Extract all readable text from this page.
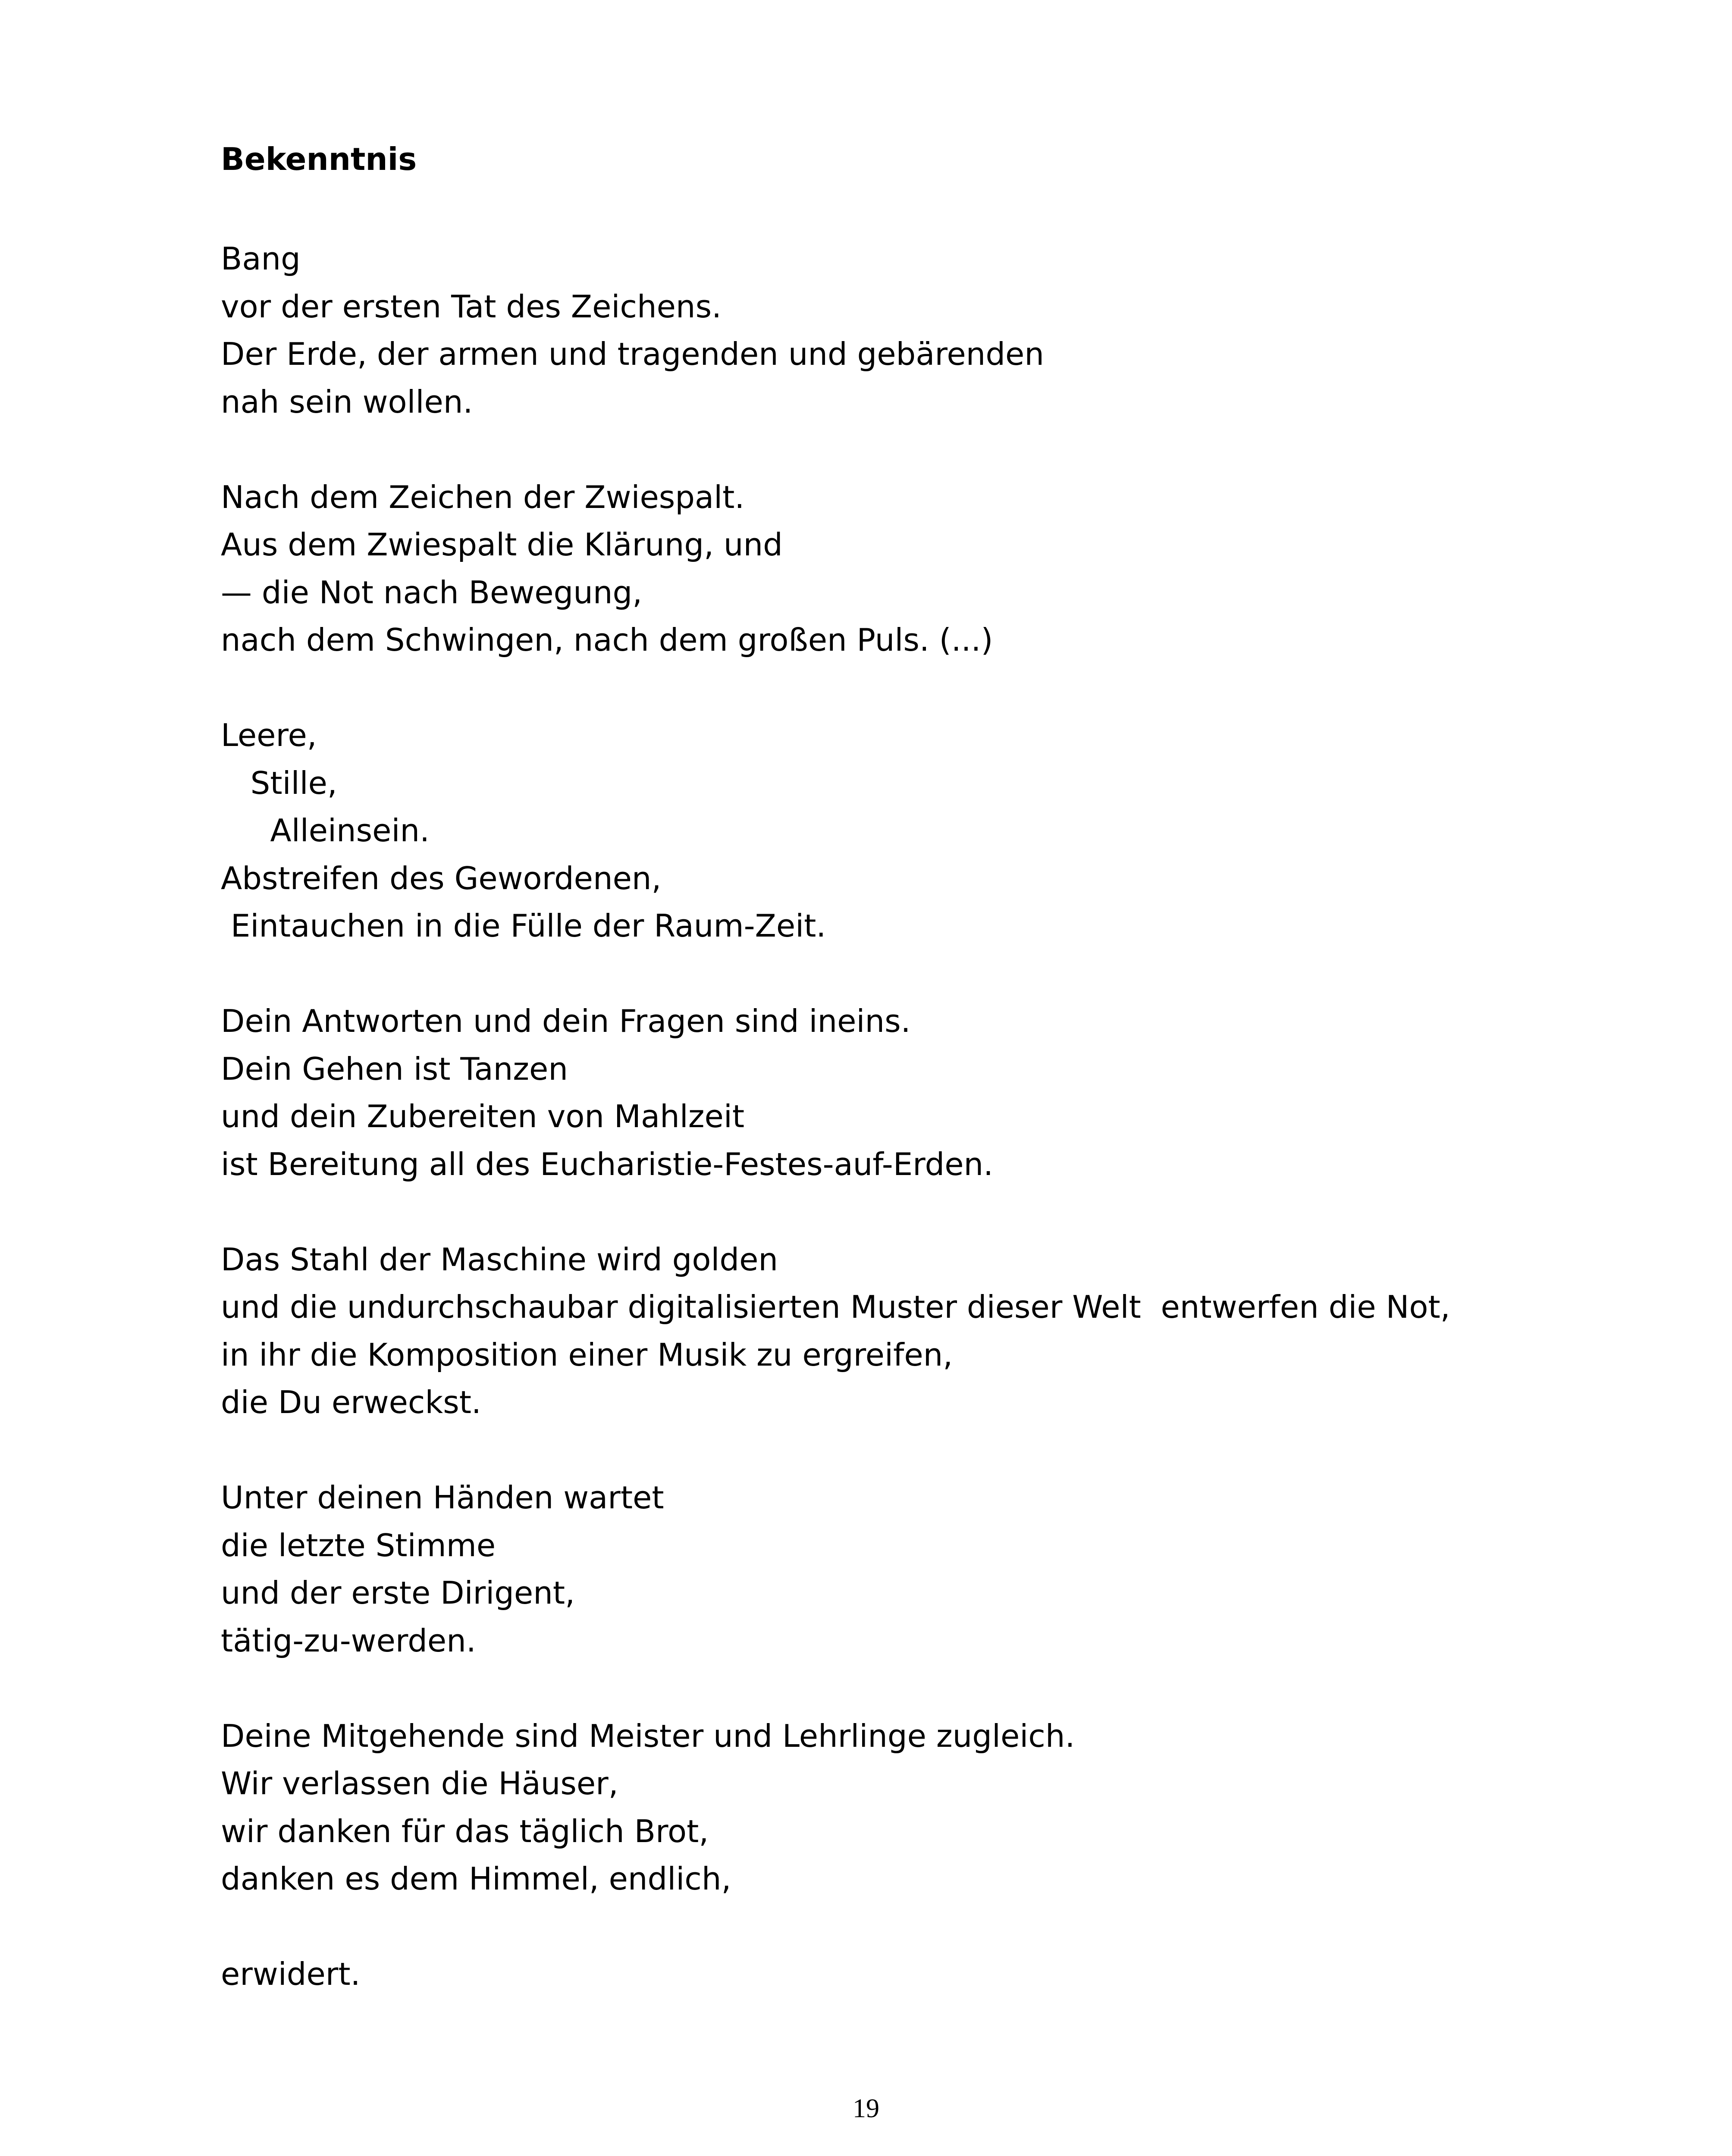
Bekenntnis

Bang
vor der ersten Tat des Zeichens.
Der Erde, der armen und tragenden und gebärenden
nah sein wollen.

Nach dem Zeichen der Zwiespalt.
Aus dem Zwiespalt die Klärung, und
— die Not nach Bewegung,
nach dem Schwingen, nach dem großen Puls. (...)

Leere,
Stille,
Alleinsein.
Abstreifen des Gewordenen,
Eintauchen in die Fülle der Raum-Zeit.

Dein Antworten und dein Fragen sind ineins.
Dein Gehen ist Tanzen
und dein Zubereiten von Mahlzeit
ist Bereitung all des Eucharistie-Festes-auf-Erden.

Das Stahl der Maschine wird golden
und die undurchschaubar digitalisierten Muster dieser Welt  entwerfen die Not,
in ihr die Komposition einer Musik zu ergreifen,
die Du erweckst.

Unter deinen Händen wartet
die letzte Stimme
und der erste Dirigent,
tätig-zu-werden.

Deine Mitgehende sind Meister und Lehrlinge zugleich.
Wir verlassen die Häuser,
wir danken für das täglich Brot,
danken es dem Himmel, endlich,

erwidert.

19
